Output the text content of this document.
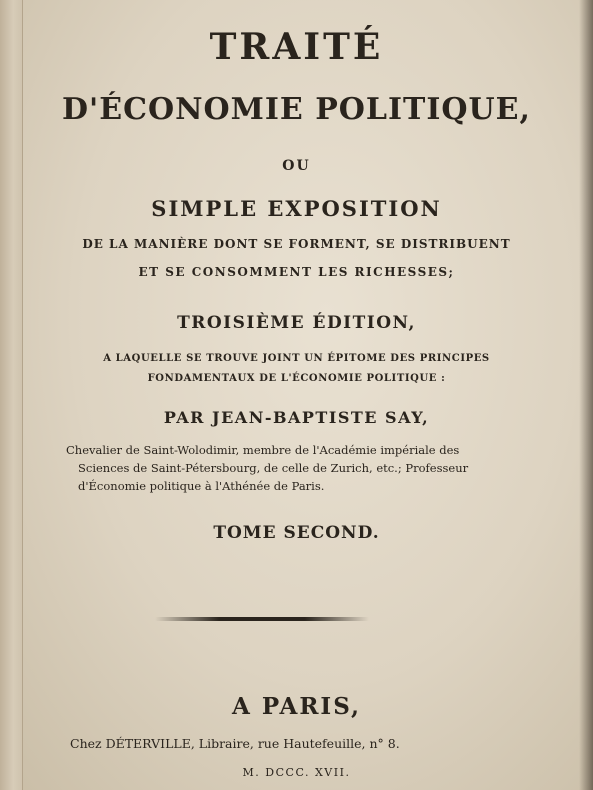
TRAITÉ
D'ÉCONOMIE POLITIQUE,
OU
SIMPLE EXPOSITION
DE LA MANIÈRE DONT SE FORMENT, SE DISTRIBUENT
ET SE CONSOMMENT LES RICHESSES;
TROISIÈME ÉDITION,
A LAQUELLE SE TROUVE JOINT UN ÉPITOME DES PRINCIPES
FONDAMENTAUX DE L'ÉCONOMIE POLITIQUE :
PAR JEAN-BAPTISTE SAY,
Chevalier de Saint-Wolodimir, membre de l'Académie impériale des
Sciences de Saint-Pétersbourg, de celle de Zurich, etc.; Professeur
d'Économie politique à l'Athénée de Paris.
TOME SECOND.
A PARIS,
Chez DÉTERVILLE, Libraire, rue Hautefeuille, n° 8.
M. DCCC. XVII.
